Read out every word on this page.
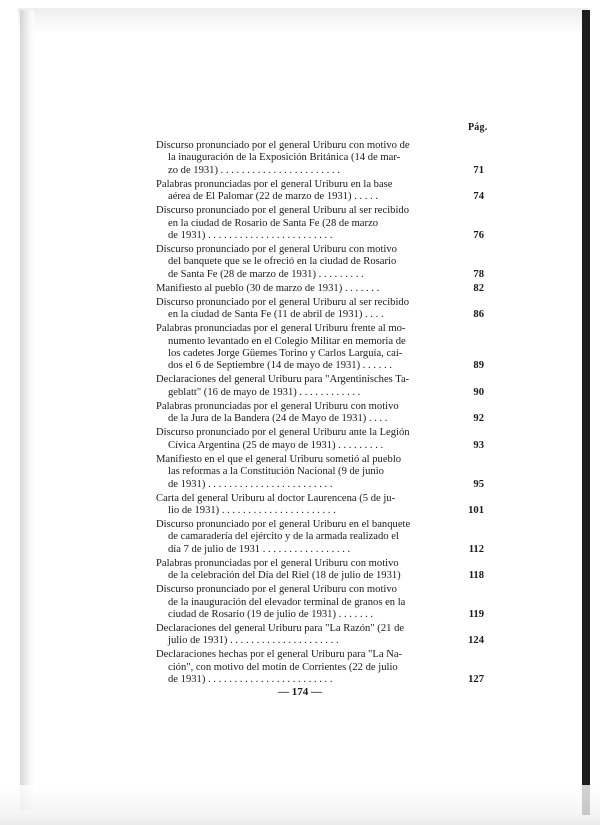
Pág.
Discurso pronunciado por el general Uriburu con motivo de
la inauguración de la Exposición Británica (14 de mar-
zo de 1931) . . . . . . . . . . . . . . . . . . . . . . .	71
Palabras pronunciadas por el general Uriburu en la base
aérea de El Palomar (22 de marzo de 1931) . . . . .	74
Discurso pronunciado por el general Uriburu al ser recibido
en la ciudad de Rosario de Santa Fe (28 de marzo
de 1931) . . . . . . . . . . . . . . . . . . . . . . . .	76
Discurso pronunciado por el general Uriburu con motivo
del banquete que se le ofreció en la ciudad de Rosario
de Santa Fe (28 de marzo de 1931) . . . . . . . . .	78
Manifiesto al pueblo (30 de marzo de 1931) . . . . . . .	82
Discurso pronunciado por el general Uriburu al ser recibido
en la ciudad de Santa Fe (11 de abril de 1931) . . . .	86
Palabras pronunciadas por el general Uriburu frente al mo-
numento levantado en el Colegio Militar en memoria de
los cadetes Jorge Güemes Torino y Carlos Larguía, caí-
dos el 6 de Septiembre (14 de mayo de 1931) . . . . . .	89
Declaraciones del general Uriburu para "Argentinisches Ta-
geblatt" (16 de mayo de 1931) . . . . . . . . . . . .	90
Palabras pronunciadas por el general Uriburu con motivo
de la Jura de la Bandera (24 de Mayo de 1931) . . . .	92
Discurso pronunciado por el general Uriburu ante la Legión
Cívica Argentina (25 de mayo de 1931) . . . . . . . . .	93
Manifiesto en el que el general Uriburu sometió al pueblo
las reformas a la Constitución Nacional (9 de junio
de 1931) . . . . . . . . . . . . . . . . . . . . . . . .	95
Carta del general Uriburu al doctor Laurencena (5 de ju-
lio de 1931) . . . . . . . . . . . . . . . . . . . . . .	101
Discurso pronunciado por el general Uriburu en el banquete
de camaradería del ejército y de la armada realizado el
día 7 de julio de 1931 . . . . . . . . . . . . . . . . .	112
Palabras pronunciadas por el general Uriburu con motivo
de la celebración del Día del Riel (18 de julio de 1931)	118
Discurso pronunciado por el general Uriburu con motivo
de la inauguración del elevador terminal de granos en la
ciudad de Rosario (19 de julio de 1931) . . . . . . .	119
Declaraciones del general Uriburu para "La Razón" (21 de
julio de 1931) . . . . . . . . . . . . . . . . . . . . .	124
Declaraciones hechas por el general Uriburu para "La Na-
ción", con motivo del motín de Corrientes (22 de julio
de 1931) . . . . . . . . . . . . . . . . . . . . . . . .	127
— 174 —
